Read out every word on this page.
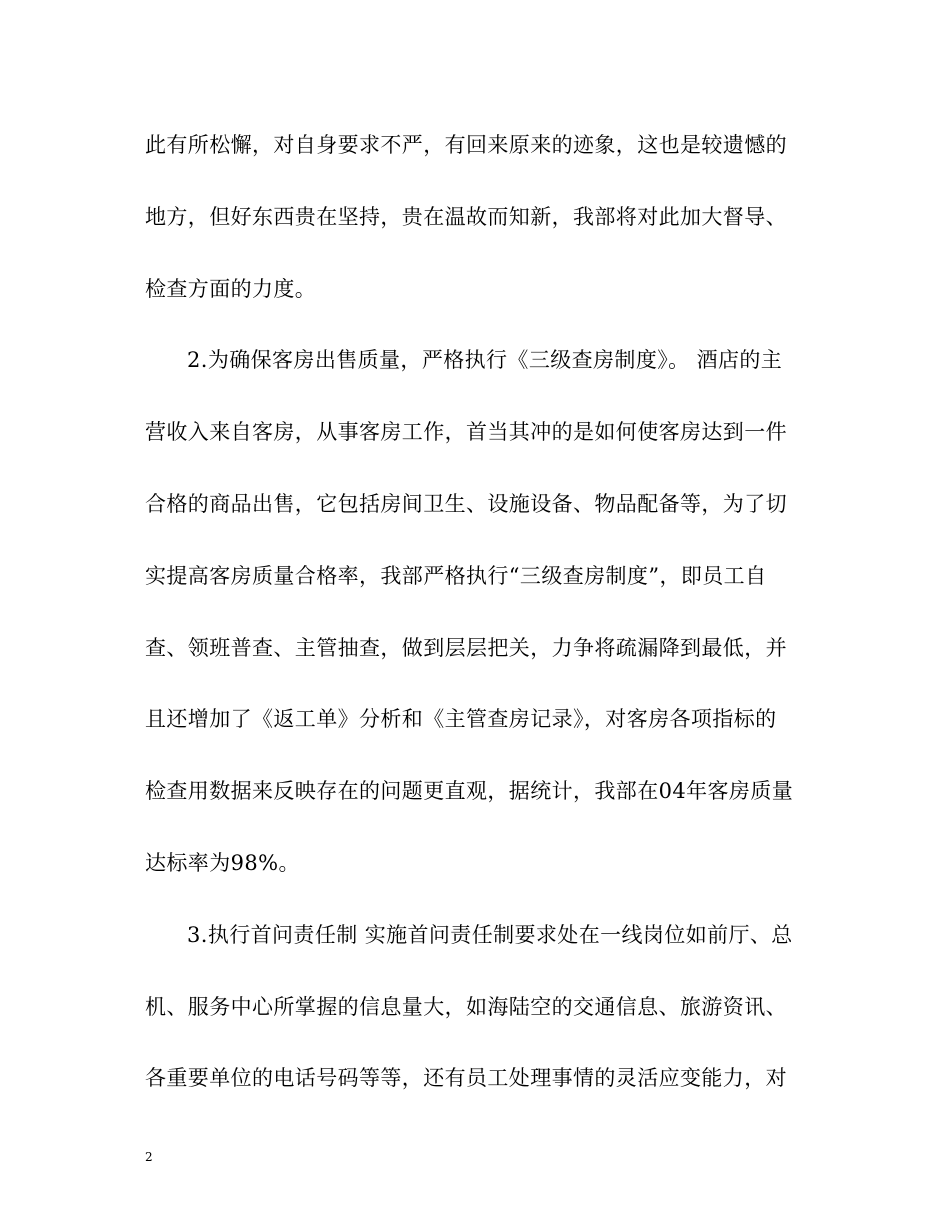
此有所松懈，对自身要求不严，有回来原来的迹象，这也是较遗憾的
地方，但好东西贵在坚持，贵在温故而知新，我部将对此加大督导、
检查方面的力度。
2.为确保客房出售质量，严格执行《三级查房制度》。 酒店的主
营收入来自客房，从事客房工作，首当其冲的是如何使客房达到一件
合格的商品出售，它包括房间卫生、设施设备、物品配备等，为了切
实提高客房质量合格率，我部严格执行“三级查房制度”，即员工自
查、领班普查、主管抽查，做到层层把关，力争将疏漏降到最低，并
且还增加了《返工单》分析和《主管查房记录》，对客房各项指标的
检查用数据来反映存在的问题更直观，据统计，我部在04年客房质量
达标率为98%。
3.执行首问责任制 实施首问责任制要求处在一线岗位如前厅、总
机、服务中心所掌握的信息量大，如海陆空的交通信息、旅游资讯、
各重要单位的电话号码等等，还有员工处理事情的灵活应变能力，对
2
